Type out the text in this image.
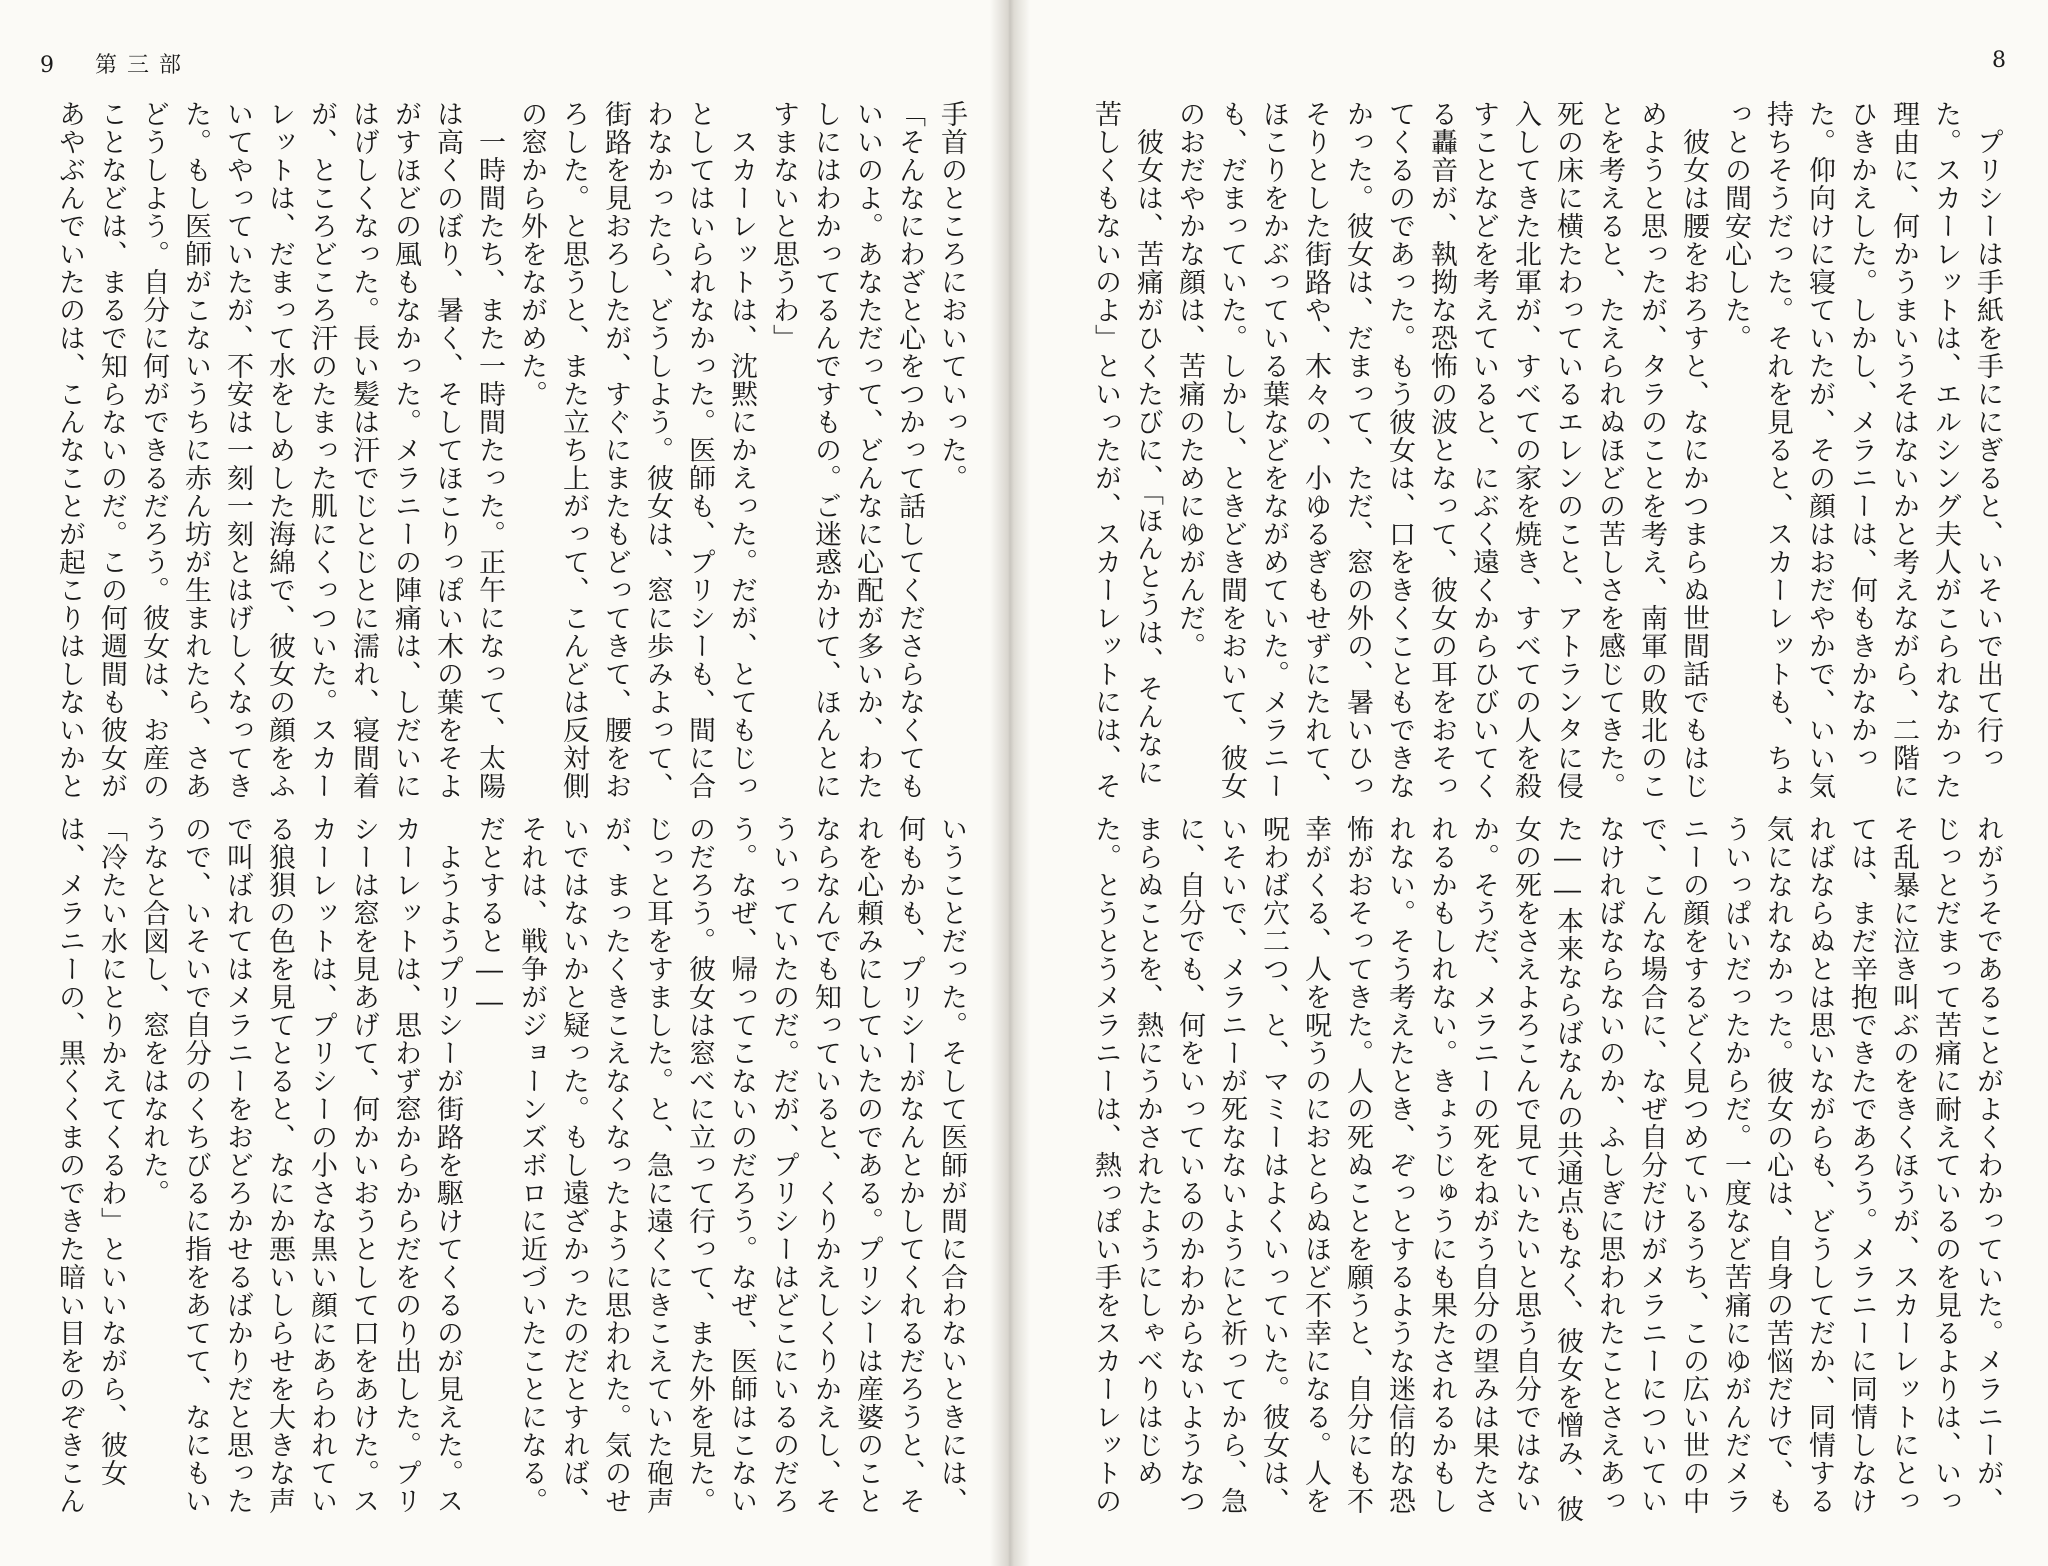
9 第三部
手首のところにおいていった。
「そんなにわざと心をつかって話してくださらなくても
いいのよ。あなただって、どんなに心配が多いか、わた
しにはわかってるんですもの。ご迷惑かけて、ほんとに
すまないと思うわ」
　スカーレットは、沈黙にかえった。だが、とてもじっ
としてはいられなかった。医師も、プリシーも、間に合
わなかったら、どうしよう。彼女は、窓に歩みよって、
街路を見おろしたが、すぐにまたもどってきて、腰をお
ろした。と思うと、また立ち上がって、こんどは反対側
の窓から外をながめた。
　一時間たち、また一時間たった。正午になって、太陽
は高くのぼり、暑く、そしてほこりっぽい木の葉をそよ
がすほどの風もなかった。メラニーの陣痛は、しだいに
はげしくなった。長い髪は汗でじとじとに濡れ、寝間着
が、ところどころ汗のたまった肌にくっついた。スカー
レットは、だまって水をしめした海綿で、彼女の顔をふ
いてやっていたが、不安は一刻一刻とはげしくなってき
た。もし医師がこないうちに赤ん坊が生まれたら、さあ
どうしよう。自分に何ができるだろう。彼女は、お産の
ことなどは、まるで知らないのだ。この何週間も彼女が
あやぶんでいたのは、こんなことが起こりはしないかと
いうことだった。そして医師が間に合わないときには、
何もかも、プリシーがなんとかしてくれるだろうと、そ
れを心頼みにしていたのである。プリシーは産婆のこと
ならなんでも知っていると、くりかえしくりかえし、そ
ういっていたのだ。だが、プリシーはどこにいるのだろ
う。なぜ、帰ってこないのだろう。なぜ、医師はこない
のだろう。彼女は窓べに立って行って、また外を見た。
じっと耳をすました。と、急に遠くにきこえていた砲声
が、まったくきこえなくなったように思われた。気のせ
いではないかと疑った。もし遠ざかったのだとすれば、
それは、戦争がジョーンズボロに近づいたことになる。
だとすると――
　ようようプリシーが街路を駆けてくるのが見えた。ス
カーレットは、思わず窓からからだをのり出した。プリ
シーは窓を見あげて、何かいおうとして口をあけた。ス
カーレットは、プリシーの小さな黒い顔にあらわれてい
る狼狽の色を見てとると、なにか悪いしらせを大きな声
で叫ばれてはメラニーをおどろかせるばかりだと思った
ので、いそいで自分のくちびるに指をあてて、なにもい
うなと合図し、窓をはなれた。
「冷たい水にとりかえてくるわ」といいながら、彼女
は、メラニーの、黒くくまのできた暗い目をのぞきこん
8
　プリシーは手紙を手ににぎると、いそいで出て行っ
た。スカーレットは、エルシング夫人がこられなかった
理由に、何かうまいうそはないかと考えながら、二階に
ひきかえした。しかし、メラニーは、何もきかなかっ
た。仰向けに寝ていたが、その顔はおだやかで、いい気
持ちそうだった。それを見ると、スカーレットも、ちょ
っとの間安心した。
　彼女は腰をおろすと、なにかつまらぬ世間話でもはじ
めようと思ったが、タラのことを考え、南軍の敗北のこ
とを考えると、たえられぬほどの苦しさを感じてきた。
死の床に横たわっているエレンのこと、アトランタに侵
入してきた北軍が、すべての家を焼き、すべての人を殺
すことなどを考えていると、にぶく遠くからひびいてく
る轟音が、執拗な恐怖の波となって、彼女の耳をおそっ
てくるのであった。もう彼女は、口をきくこともできな
かった。彼女は、だまって、ただ、窓の外の、暑いひっ
そりとした街路や、木々の、小ゆるぎもせずにたれて、
ほこりをかぶっている葉などをながめていた。メラニー
も、だまっていた。しかし、ときどき間をおいて、彼女
のおだやかな顔は、苦痛のためにゆがんだ。
　彼女は、苦痛がひくたびに、「ほんとうは、そんなに
苦しくもないのよ」といったが、スカーレットには、そ
れがうそであることがよくわかっていた。メラニーが、
じっとだまって苦痛に耐えているのを見るよりは、いっ
そ乱暴に泣き叫ぶのをきくほうが、スカーレットにとっ
ては、まだ辛抱できたであろう。メラニーに同情しなけ
ればならぬとは思いながらも、どうしてだか、同情する
気になれなかった。彼女の心は、自身の苦悩だけで、も
ういっぱいだったからだ。一度など苦痛にゆがんだメラ
ニーの顔をするどく見つめているうち、この広い世の中
で、こんな場合に、なぜ自分だけがメラニーについてい
なければならないのか、ふしぎに思われたことさえあっ
た――本来ならばなんの共通点もなく、彼女を憎み、彼
女の死をさえよろこんで見ていたいと思う自分ではない
か。そうだ、メラニーの死をねがう自分の望みは果たさ
れるかもしれない。きょうじゅうにも果たされるかもし
れない。そう考えたとき、ぞっとするような迷信的な恐
怖がおそってきた。人の死ぬことを願うと、自分にも不
幸がくる、人を呪うのにおとらぬほど不幸になる。人を
呪わば穴二つ、と、マミーはよくいっていた。彼女は、
いそいで、メラニーが死なないようにと祈ってから、急
に、自分でも、何をいっているのかわからないようなつ
まらぬことを、熱にうかされたようにしゃべりはじめ
た。とうとうメラニーは、熱っぽい手をスカーレットの
